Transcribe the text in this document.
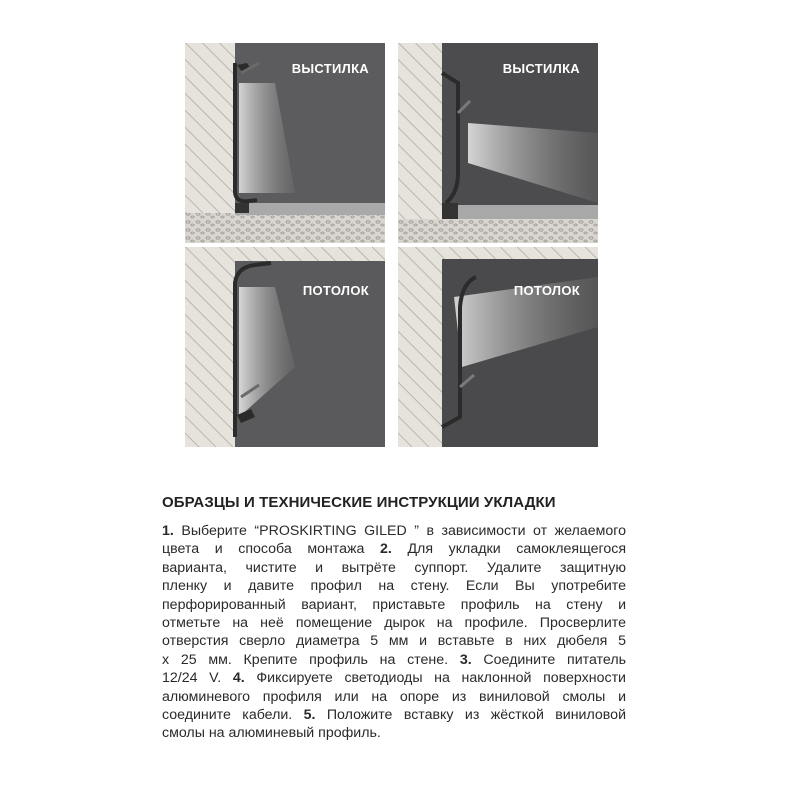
ВЫСТИЛКА	ВЫСТИЛКА
ПОТОЛОК	ПОТОЛОК
ОБРАЗЦЫ И ТЕХНИЧЕСКИЕ ИНСТРУКЦИИ УКЛАДКИ
1. Выберите “PROSKIRTING GILED ” в зависимости от желаемого
цвета и способа монтажа 2. Для укладки самоклеящегося
варианта, чистите и вытрёте суппорт. Удалите защитную
пленку и давите профил на стену. Если Вы употребите
перфорированный вариант, приставьте профиль на стену и
отметьте на неё помещение дырок на профиле. Просверлите
отверстия сверло диаметра 5 мм и вставьте в них дюбеля 5
х 25 мм. Крепите профиль на стене. 3. Соедините питатель
12/24 V. 4. Фиксируете светодиоды на наклонной поверхности
алюминевого профиля или на опоре из виниловой смолы и
соедините кабели. 5. Положите вставку из жёсткой виниловой
смолы на алюминевый профиль.
